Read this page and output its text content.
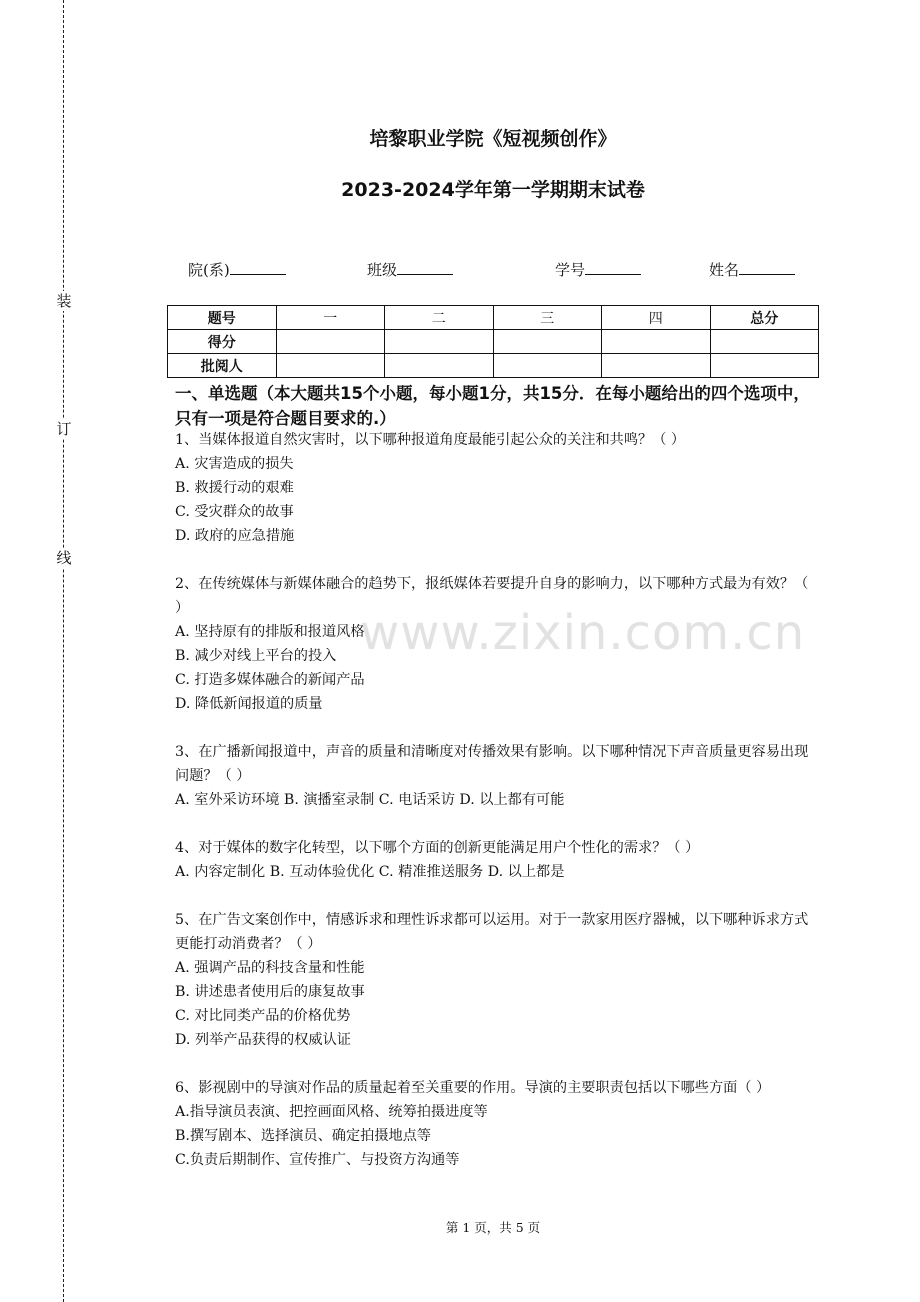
装
订
线
培黎职业学院《短视频创作》
2023-2024学年第一学期期末试卷
院(系)	班级	学号	姓名
题号	一	二	三	四	总分
得分					
批阅人					
一、单选题（本大题共15个小题，每小题1分，共15分．在每小题给出的四个选项中，只有一项是符合题目要求的.）

1、当媒体报道自然灾害时，以下哪种报道角度最能引起公众的关注和共鸣？（ ）

A. 灾害造成的损失

B. 救援行动的艰难

C. 受灾群众的故事

D. 政府的应急措施

2、在传统媒体与新媒体融合的趋势下，报纸媒体若要提升自身的影响力，以下哪种方式最为有效？（ ）

A. 坚持原有的排版和报道风格

B. 减少对线上平台的投入

C. 打造多媒体融合的新闻产品

D. 降低新闻报道的质量

3、在广播新闻报道中，声音的质量和清晰度对传播效果有影响。以下哪种情况下声音质量更容易出现问题？（ ）

A. 室外采访环境 B. 演播室录制 C. 电话采访 D. 以上都有可能

4、对于媒体的数字化转型，以下哪个方面的创新更能满足用户个性化的需求？（ ）

A. 内容定制化 B. 互动体验优化 C. 精准推送服务 D. 以上都是

5、在广告文案创作中，情感诉求和理性诉求都可以运用。对于一款家用医疗器械，以下哪种诉求方式更能打动消费者？（ ）

A. 强调产品的科技含量和性能

B. 讲述患者使用后的康复故事

C. 对比同类产品的价格优势

D. 列举产品获得的权威认证

6、影视剧中的导演对作品的质量起着至关重要的作用。导演的主要职责包括以下哪些方面（ ）

A.指导演员表演、把控画面风格、统筹拍摄进度等

B.撰写剧本、选择演员、确定拍摄地点等

C.负责后期制作、宣传推广、与投资方沟通等

www.zixin.com.cn
第 1 页，共 5 页
